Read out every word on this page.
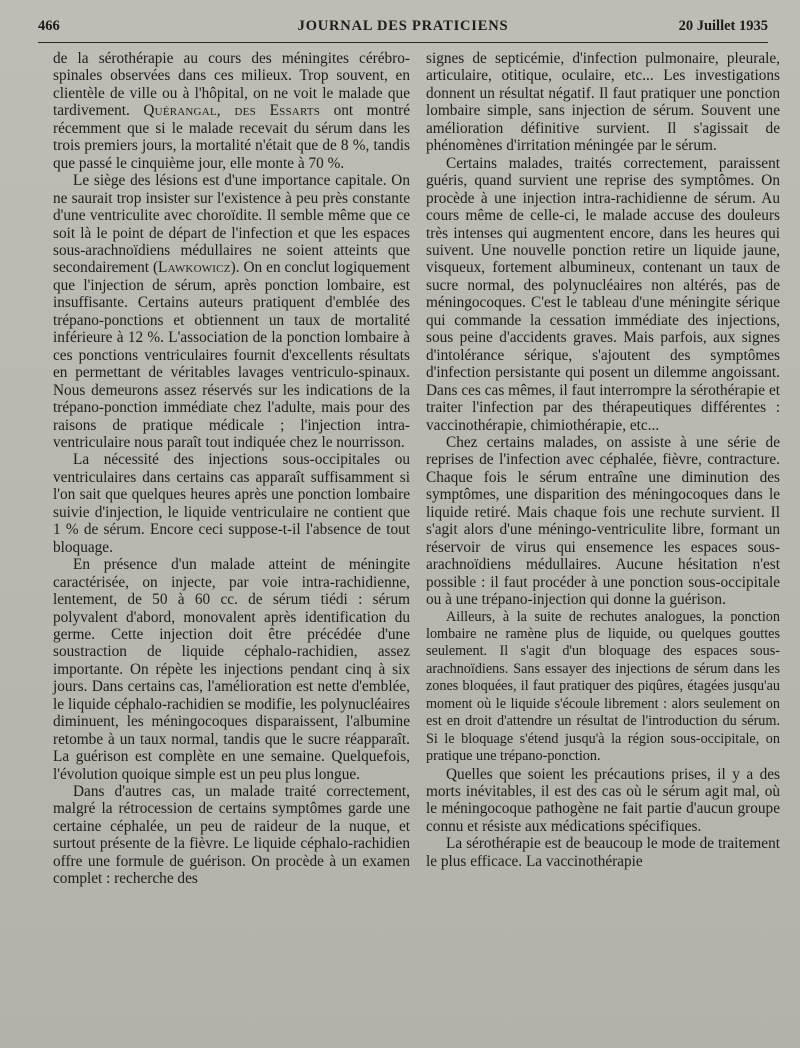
466	JOURNAL DES PRATICIENS	20 Juillet 1935

de la sérothérapie au cours des méningites cérébro-spinales observées dans ces milieux. Trop souvent, en clientèle de ville ou à l'hôpital, on ne voit le malade que tardivement. Quérangal, des Essarts ont montré récemment que si le malade recevait du sérum dans les trois premiers jours, la mortalité n'était que de 8 %, tandis que passé le cinquième jour, elle monte à 70 %.

Le siège des lésions est d'une importance capitale. On ne saurait trop insister sur l'existence à peu près constante d'une ventriculite avec choroïdite. Il semble même que ce soit là le point de départ de l'infection et que les espaces sous-arachnoïdiens médullaires ne soient atteints que secondairement (Lawkowicz). On en conclut logiquement que l'injection de sérum, après ponction lombaire, est insuffisante. Certains auteurs pratiquent d'emblée des trépano-ponctions et obtiennent un taux de mortalité inférieure à 12 %. L'association de la ponction lombaire à ces ponctions ventriculaires fournit d'excellents résultats en permettant de véritables lavages ventriculo-spinaux. Nous demeurons assez réservés sur les indications de la trépano-ponction immédiate chez l'adulte, mais pour des raisons de pratique médicale ; l'injection intra-ventriculaire nous paraît tout indiquée chez le nourrisson.

La nécessité des injections sous-occipitales ou ventriculaires dans certains cas apparaît suffisamment si l'on sait que quelques heures après une ponction lombaire suivie d'injection, le liquide ventriculaire ne contient que 1 % de sérum. Encore ceci suppose-t-il l'absence de tout bloquage.

En présence d'un malade atteint de méningite caractérisée, on injecte, par voie intra-rachidienne, lentement, de 50 à 60 cc. de sérum tiédi : sérum polyvalent d'abord, monovalent après identification du germe. Cette injection doit être précédée d'une soustraction de liquide céphalo-rachidien, assez importante. On répète les injections pendant cinq à six jours. Dans certains cas, l'amélioration est nette d'emblée, le liquide céphalo-rachidien se modifie, les polynucléaires diminuent, les méningocoques disparaissent, l'albumine retombe à un taux normal, tandis que le sucre réapparaît. La guérison est complète en une semaine. Quelquefois, l'évolution quoique simple est un peu plus longue.

Dans d'autres cas, un malade traité correctement, malgré la rétrocession de certains symptômes garde une certaine céphalée, un peu de raideur de la nuque, et surtout présente de la fièvre. Le liquide céphalo-rachidien offre une formule de guérison. On procède à un examen complet : recherche des

signes de septicémie, d'infection pulmonaire, pleurale, articulaire, otitique, oculaire, etc... Les investigations donnent un résultat négatif. Il faut pratiquer une ponction lombaire simple, sans injection de sérum. Souvent une amélioration définitive survient. Il s'agissait de phénomènes d'irritation méningée par le sérum.

Certains malades, traités correctement, paraissent guéris, quand survient une reprise des symptômes. On procède à une injection intra-rachidienne de sérum. Au cours même de celle-ci, le malade accuse des douleurs très intenses qui augmentent encore, dans les heures qui suivent. Une nouvelle ponction retire un liquide jaune, visqueux, fortement albumineux, contenant un taux de sucre normal, des polynucléaires non altérés, pas de méningocoques. C'est le tableau d'une méningite sérique qui commande la cessation immédiate des injections, sous peine d'accidents graves. Mais parfois, aux signes d'intolérance sérique, s'ajoutent des symptômes d'infection persistante qui posent un dilemme angoissant. Dans ces cas mêmes, il faut interrompre la sérothérapie et traiter l'infection par des thérapeutiques différentes : vaccinothérapie, chimiothérapie, etc...

Chez certains malades, on assiste à une série de reprises de l'infection avec céphalée, fièvre, contracture. Chaque fois le sérum entraîne une diminution des symptômes, une disparition des méningocoques dans le liquide retiré. Mais chaque fois une rechute survient. Il s'agit alors d'une méningo-ventriculite libre, formant un réservoir de virus qui ensemence les espaces sous-arachnoïdiens médullaires. Aucune hésitation n'est possible : il faut procéder à une ponction sous-occipitale ou à une trépano-injection qui donne la guérison.

Ailleurs, à la suite de rechutes analogues, la ponction lombaire ne ramène plus de liquide, ou quelques gouttes seulement. Il s'agit d'un bloquage des espaces sous-arachnoïdiens. Sans essayer des injections de sérum dans les zones bloquées, il faut pratiquer des piqûres, étagées jusqu'au moment où le liquide s'écoule librement : alors seulement on est en droit d'attendre un résultat de l'introduction du sérum. Si le bloquage s'étend jusqu'à la région sous-occipitale, on pratique une trépano-ponction.

Quelles que soient les précautions prises, il y a des morts inévitables, il est des cas où le sérum agit mal, où le méningocoque pathogène ne fait partie d'aucun groupe connu et résiste aux médications spécifiques.

La sérothérapie est de beaucoup le mode de traitement le plus efficace. La vaccinothérapie
